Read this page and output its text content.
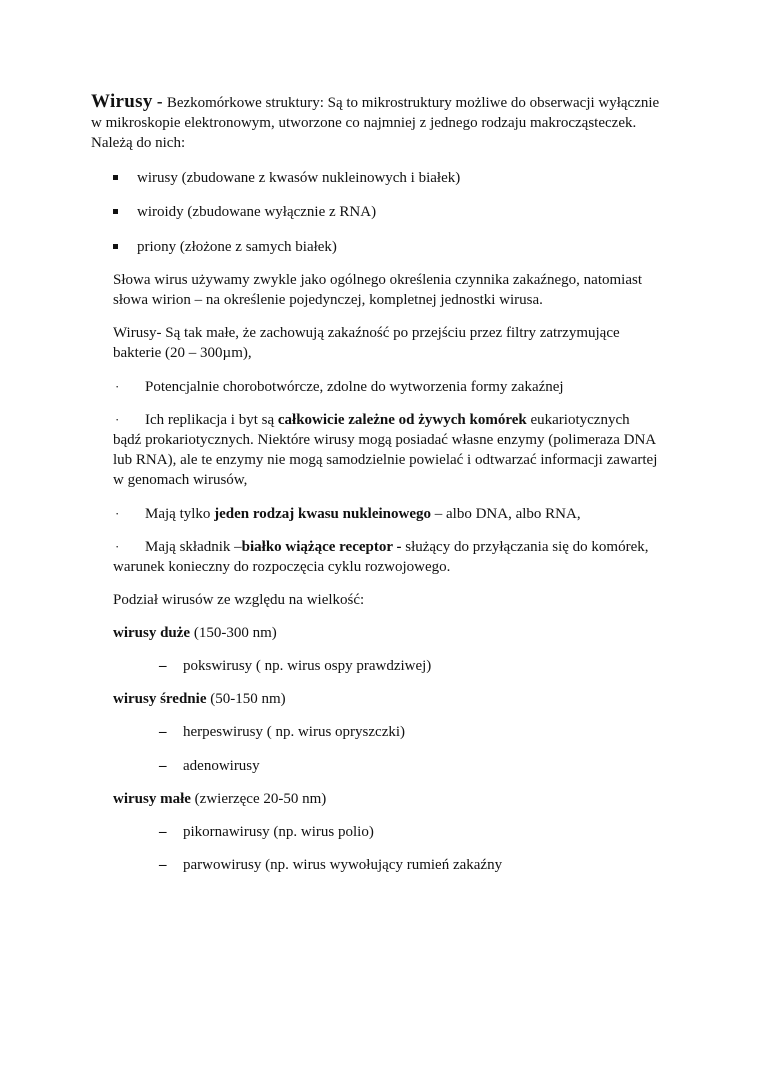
Wirusy - Bezkomórkowe struktury: Są to mikrostruktury możliwe do obserwacji wyłącznie
w mikroskopie elektronowym, utworzone co najmniej z jednego rodzaju makrocząsteczek.
Należą do nich:
wirusy (zbudowane z kwasów nukleinowych i białek)
wiroidy (zbudowane wyłącznie z RNA)
priony (złożone z samych białek)
Słowa wirus używamy zwykle jako ogólnego określenia czynnika zakaźnego, natomiast
słowa wirion – na określenie pojedynczej, kompletnej jednostki wirusa.
Wirusy- Są tak małe, że zachowują zakaźność po przejściu przez filtry zatrzymujące
bakterie (20 – 300µm),
· Potencjalnie chorobotwórcze, zdolne do wytworzenia formy zakaźnej
· Ich replikacja i byt są całkowicie zależne od żywych komórek eukariotycznych
bądź prokariotycznych. Niektóre wirusy mogą posiadać własne enzymy (polimeraza DNA
lub RNA), ale te enzymy nie mogą samodzielnie powielać i odtwarzać informacji zawartej
w genomach wirusów,
· Mają tylko jeden rodzaj kwasu nukleinowego – albo DNA, albo RNA,
· Mają składnik –białko wiążące receptor - służący do przyłączania się do komórek,
warunek konieczny do rozpoczęcia cyklu rozwojowego.
Podział wirusów ze względu na wielkość:
wirusy duże (150-300 nm)
– pokswirusy ( np. wirus ospy prawdziwej)
wirusy średnie (50-150 nm)
– herpeswirusy ( np. wirus opryszczki)
– adenowirusy
wirusy małe (zwierzęce 20-50 nm)
– pikornawirusy (np. wirus polio)
– parwowirusy (np. wirus wywołujący rumień zakaźny
